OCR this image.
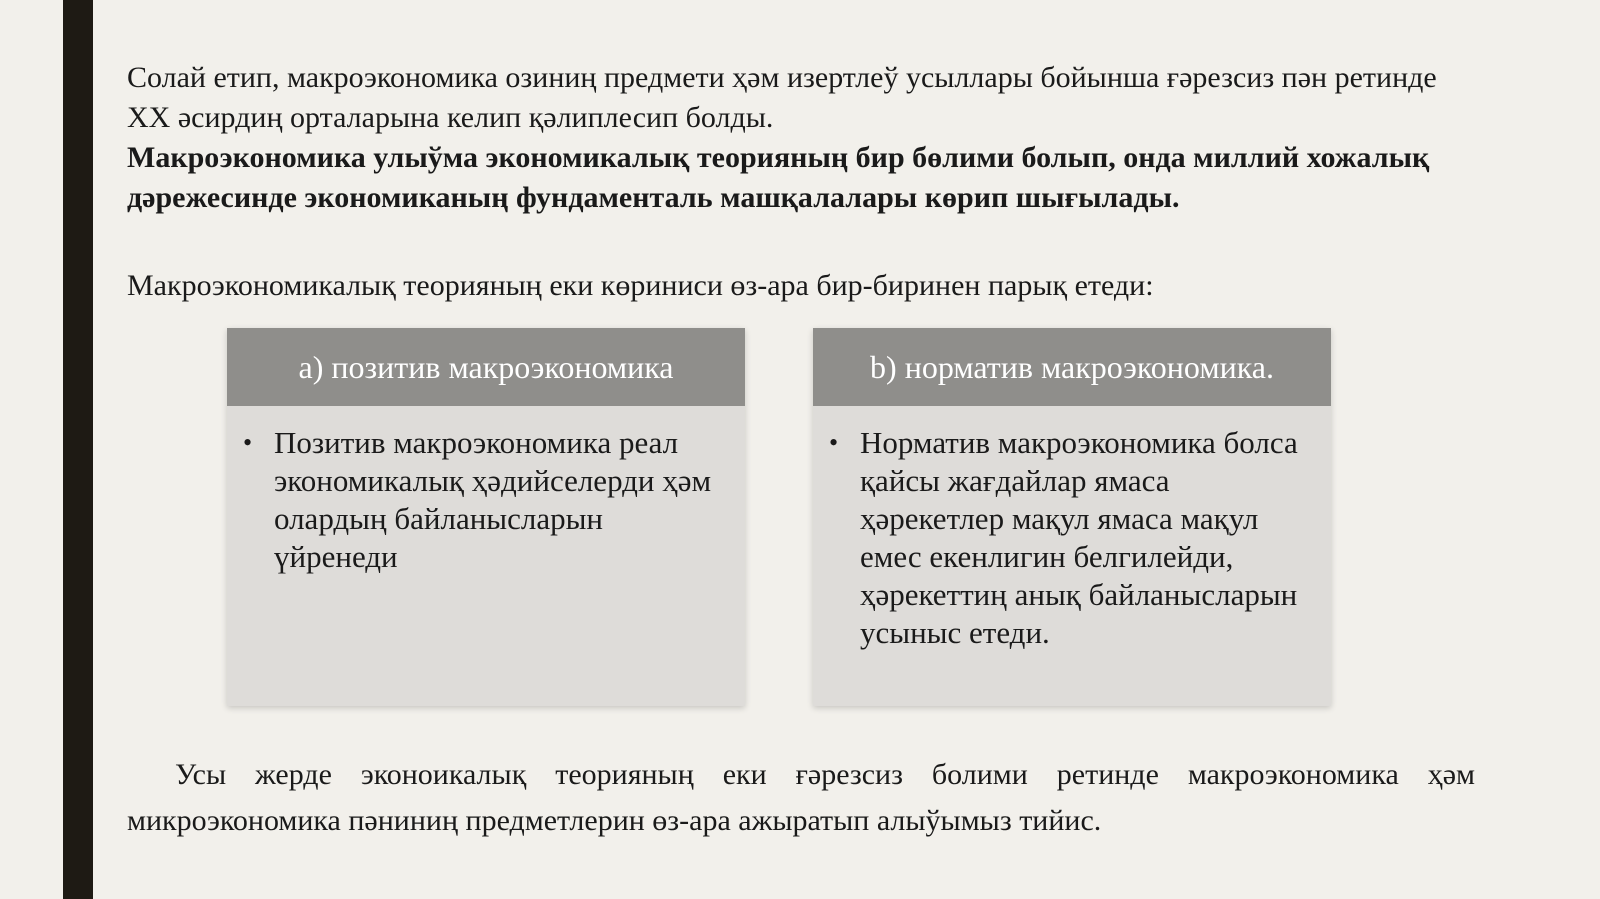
Солай етип, макроэкономика озиниң предмети ҳәм изертлеў усыллары бойынша ғәрезсиз пән ретинде XX әсирдиң орталарына келип қәлиплесип болды.

Макроэкономика улыўма экономикалық теорияның бир бөлими болып, онда миллий хожалық дәрежесинде экономиканың фундаменталь машқалалары көрип шығылады.

Макроэкономикалық теорияның еки көриниси өз-ара бир-биринен парық етеди:

а) позитив макроэкономика
• Позитив макроэкономика реал экономикалық ҳәдийселерди ҳәм олардың байланысларын үйренеди

b) норматив макроэкономика.
• Норматив макроэкономика болса қайсы жағдайлар ямаса ҳәрекетлер мақул ямаса мақул емес екенлигин белгилейди, ҳәрекеттиң анық байланысларын усыныс етеди.

Усы жерде эконоикалық теорияның еки ғәрезсиз болими ретинде макроэкономика ҳәм микроэкономика пәниниң предметлерин өз-ара ажыратып алыўымыз тийис.
